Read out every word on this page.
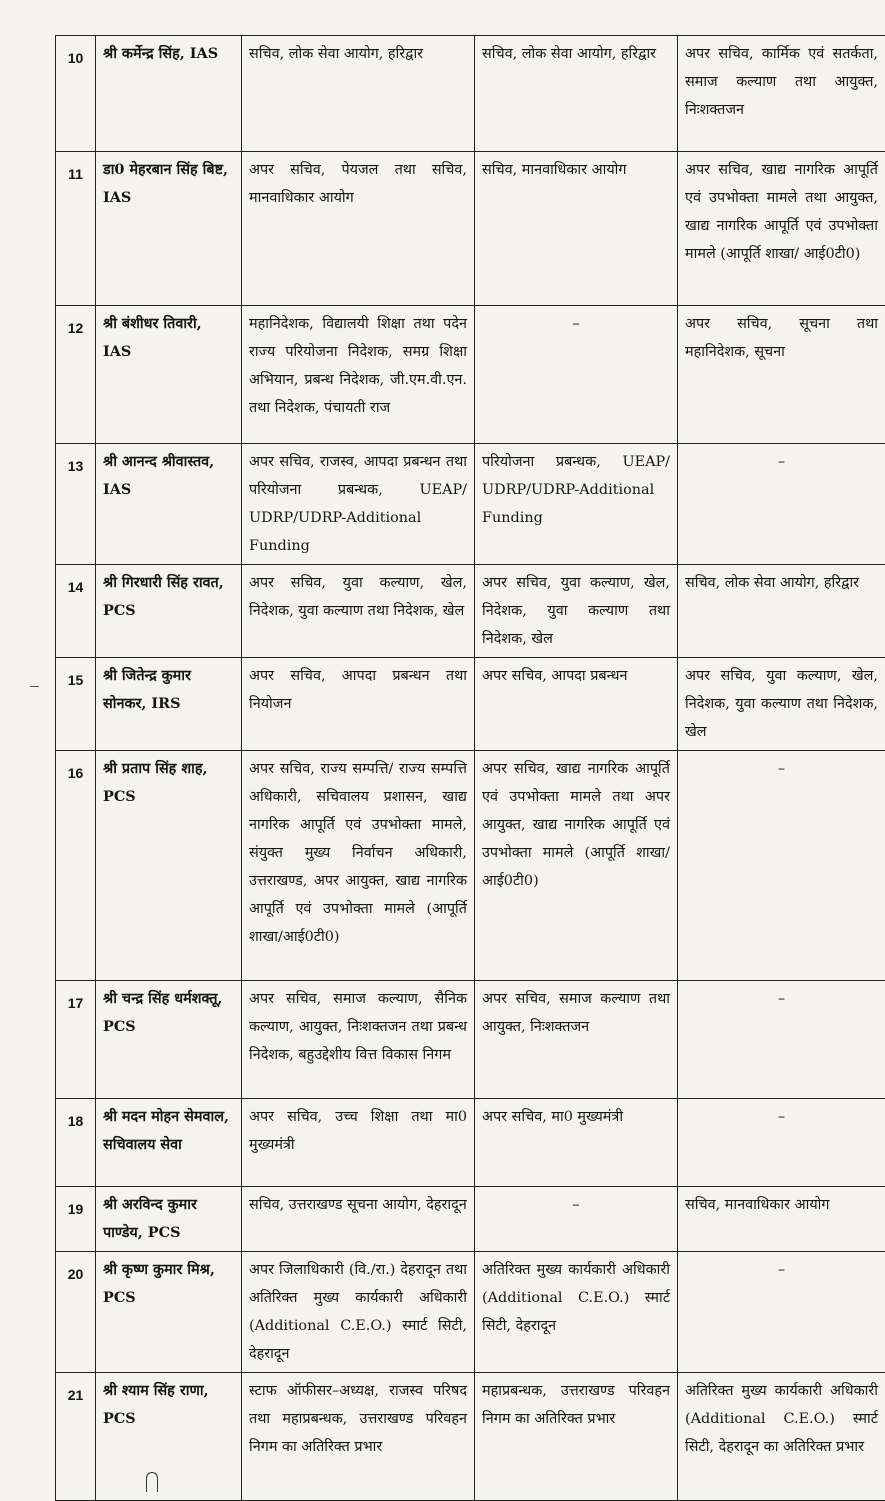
10	श्री कर्मेन्द्र सिंह, IAS	सचिव, लोक सेवा आयोग, हरिद्वार	सचिव, लोक सेवा आयोग, हरिद्वार	अपर सचिव, कार्मिक एवं सतर्कता, समाज कल्याण तथा आयुक्त, निःशक्तजन
11	डा0 मेहरबान सिंह बिष्ट, IAS	अपर सचिव, पेयजल तथा सचिव, मानवाधिकार आयोग	सचिव, मानवाधिकार आयोग	अपर सचिव, खाद्य नागरिक आपूर्ति एवं उपभोक्ता मामले तथा आयुक्त, खाद्य नागरिक आपूर्ति एवं उपभोक्ता मामले (आपूर्ति शाखा/ आई0टी0)
12	श्री बंशीधर तिवारी, IAS	महानिदेशक, विद्यालयी शिक्षा तथा पदेन राज्य परियोजना निदेशक, समग्र शिक्षा अभियान, प्रबन्ध निदेशक, जी.एम.वी.एन. तथा निदेशक, पंचायती राज	–	अपर सचिव, सूचना तथा महानिदेशक, सूचना
13	श्री आनन्द श्रीवास्तव, IAS	अपर सचिव, राजस्व, आपदा प्रबन्धन तथा परियोजना प्रबन्धक, UEAP/ UDRP/UDRP-Additional Funding	परियोजना प्रबन्धक, UEAP/ UDRP/UDRP-Additional Funding	–
14	श्री गिरधारी सिंह रावत, PCS	अपर सचिव, युवा कल्याण, खेल, निदेशक, युवा कल्याण तथा निदेशक, खेल	अपर सचिव, युवा कल्याण, खेल, निदेशक, युवा कल्याण तथा निदेशक, खेल	सचिव, लोक सेवा आयोग, हरिद्वार
15	श्री जितेन्द्र कुमार सोनकर, IRS	अपर सचिव, आपदा प्रबन्धन तथा नियोजन	अपर सचिव, आपदा प्रबन्धन	अपर सचिव, युवा कल्याण, खेल, निदेशक, युवा कल्याण तथा निदेशक, खेल
16	श्री प्रताप सिंह शाह, PCS	अपर सचिव, राज्य सम्पत्ति/ राज्य सम्पत्ति अधिकारी, सचिवालय प्रशासन, खाद्य नागरिक आपूर्ति एवं उपभोक्ता मामले, संयुक्त मुख्य निर्वाचन अधिकारी, उत्तराखण्ड, अपर आयुक्त, खाद्य नागरिक आपूर्ति एवं उपभोक्ता मामले (आपूर्ति शाखा/आई0टी0)	अपर सचिव, खाद्य नागरिक आपूर्ति एवं उपभोक्ता मामले तथा अपर आयुक्त, खाद्य नागरिक आपूर्ति एवं उपभोक्ता मामले (आपूर्ति शाखा/ आई0टी0)	–
17	श्री चन्द्र सिंह धर्मशक्तू, PCS	अपर सचिव, समाज कल्याण, सैनिक कल्याण, आयुक्त, निःशक्तजन तथा प्रबन्ध निदेशक, बहुउद्देशीय वित्त विकास निगम	अपर सचिव, समाज कल्याण तथा आयुक्त, निःशक्तजन	–
18	श्री मदन मोहन सेमवाल, सचिवालय सेवा	अपर सचिव, उच्च शिक्षा तथा मा0 मुख्यमंत्री	अपर सचिव, मा0 मुख्यमंत्री	–
19	श्री अरविन्द कुमार पाण्डेय, PCS	सचिव, उत्तराखण्ड सूचना आयोग, देहरादून	–	सचिव, मानवाधिकार आयोग
20	श्री कृष्ण कुमार मिश्र, PCS	अपर जिलाधिकारी (वि./रा.) देहरादून तथा अतिरिक्त मुख्य कार्यकारी अधिकारी (Additional C.E.O.) स्मार्ट सिटी, देहरादून	अतिरिक्त मुख्य कार्यकारी अधिकारी (Additional C.E.O.) स्मार्ट सिटी, देहरादून	–
21	श्री श्याम सिंह राणा, PCS	स्टाफ ऑफीसर–अध्यक्ष, राजस्व परिषद तथा महाप्रबन्धक, उत्तराखण्ड परिवहन निगम का अतिरिक्त प्रभार	महाप्रबन्धक, उत्तराखण्ड परिवहन निगम का अतिरिक्त प्रभार	अतिरिक्त मुख्य कार्यकारी अधिकारी (Additional C.E.O.) स्मार्ट सिटी, देहरादून का अतिरिक्त प्रभार
